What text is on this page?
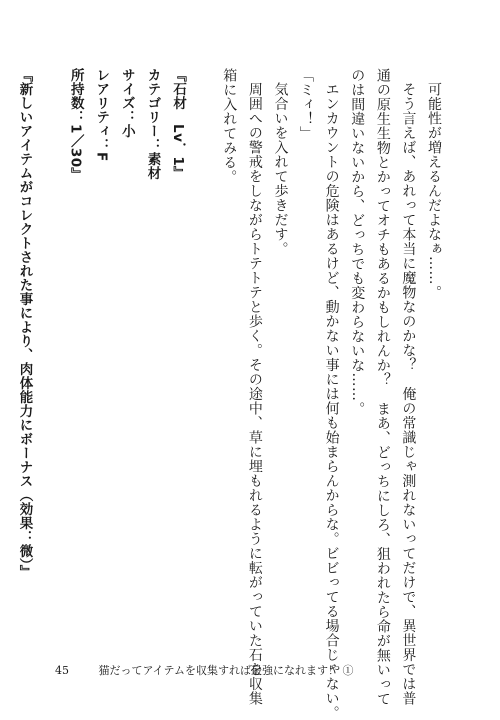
可能性が増えるんだよなぁ……。
そう言えば、あれって本当に魔物なのかな？　俺の常識じゃ測れないってだけで、異世界では普
通の原生生物とかってオチもあるかもしれんか？　まあ、どっちにしろ、狙われたら命が無いって
のは間違いないから、どっちでも変わらないな……。
エンカウントの危険はあるけど、動かない事には何も始まらんからな。ビビってる場合じゃない。
「ミィ！」
気合いを入れて歩きだす。
周囲への警戒をしながらトテトテと歩く。その途中、草に埋もれるように転がっていた石を収集
箱に入れてみる。
『石材　Lv．1』
カテゴリー：素材
サイズ：小
レアリティ：F
所持数：1／30』
『新しいアイテムがコレクトされた事により、肉体能力にボーナス（効果：微）』
45	猫だってアイテムを収集すれば最強になれます！ ①
